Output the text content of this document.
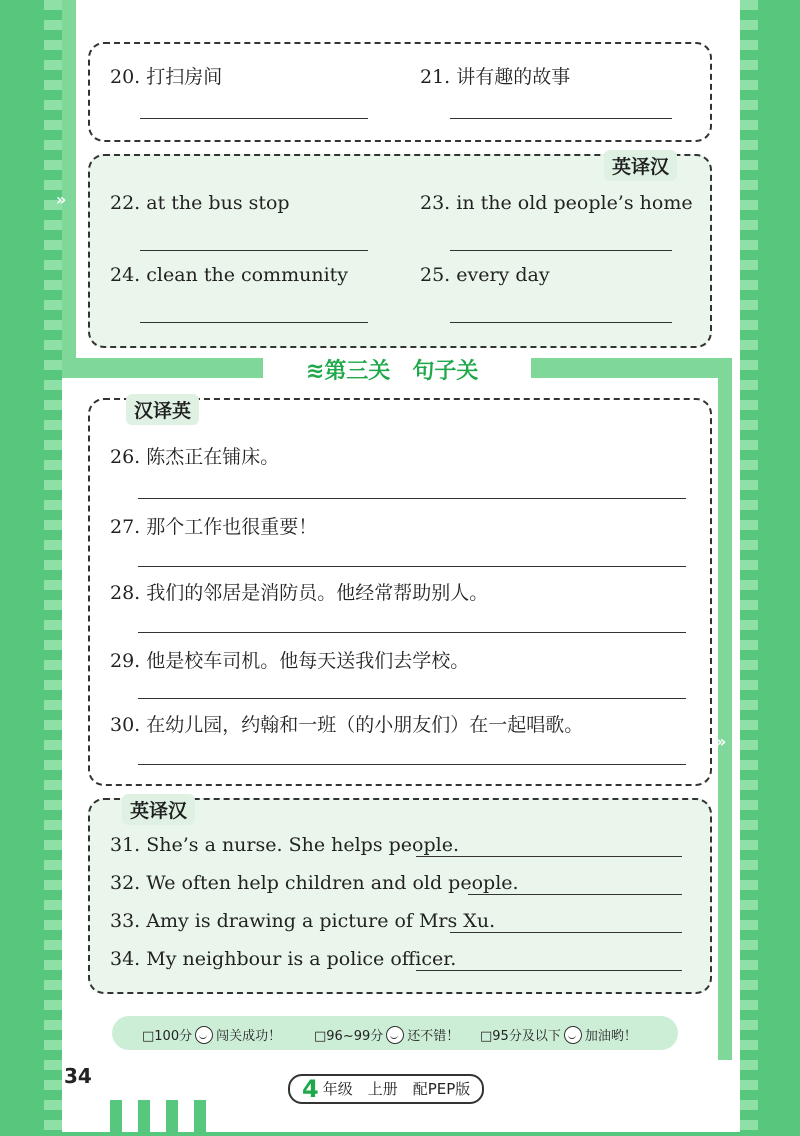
20. 打扫房间	21. 讲有趣的故事
英译汉
» 22. at the bus stop	23. in the old people’s home
24. clean the community	25. every day
≋第三关　句子关
汉译英
26. 陈杰正在铺床。
27. 那个工作也很重要！
28. 我们的邻居是消防员。他经常帮助别人。
29. 他是校车司机。他每天送我们去学校。
30. 在幼儿园，约翰和一班（的小朋友们）在一起唱歌。
»
英译汉
31. She’s a nurse. She helps people.
32. We often help children and old people.
33. Amy is drawing a picture of Mrs Xu.
34. My neighbour is a police officer.
□100分 闯关成功！	□96~99分 还不错！ □95分及以下 加油哟！
34	4 年级　上册　配PEP版
